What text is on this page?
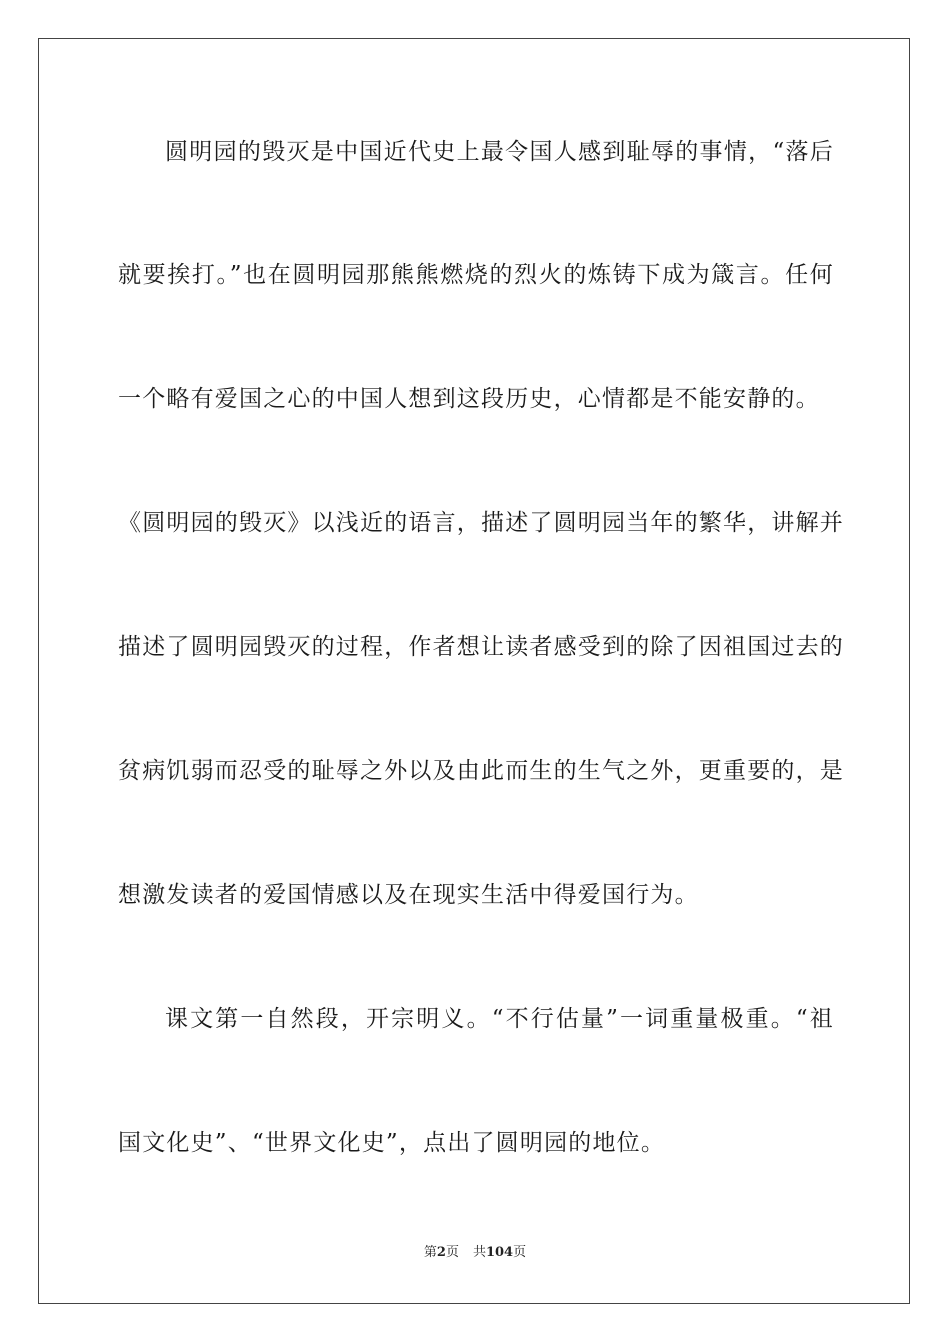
圆明园的毁灭是中国近代史上最令国人感到耻辱的事情，“落后
就要挨打。”也在圆明园那熊熊燃烧的烈火的炼铸下成为箴言。任何
一个略有爱国之心的中国人想到这段历史，心情都是不能安静的。
《圆明园的毁灭》以浅近的语言，描述了圆明园当年的繁华，讲解并
描述了圆明园毁灭的过程，作者想让读者感受到的除了因祖国过去的
贫病饥弱而忍受的耻辱之外以及由此而生的生气之外，更重要的，是
想激发读者的爱国情感以及在现实生活中得爱国行为。
课文第一自然段，开宗明义。“不行估量”一词重量极重。“祖
国文化史”、“世界文化史”，点出了圆明园的地位。
第2页 共104页
